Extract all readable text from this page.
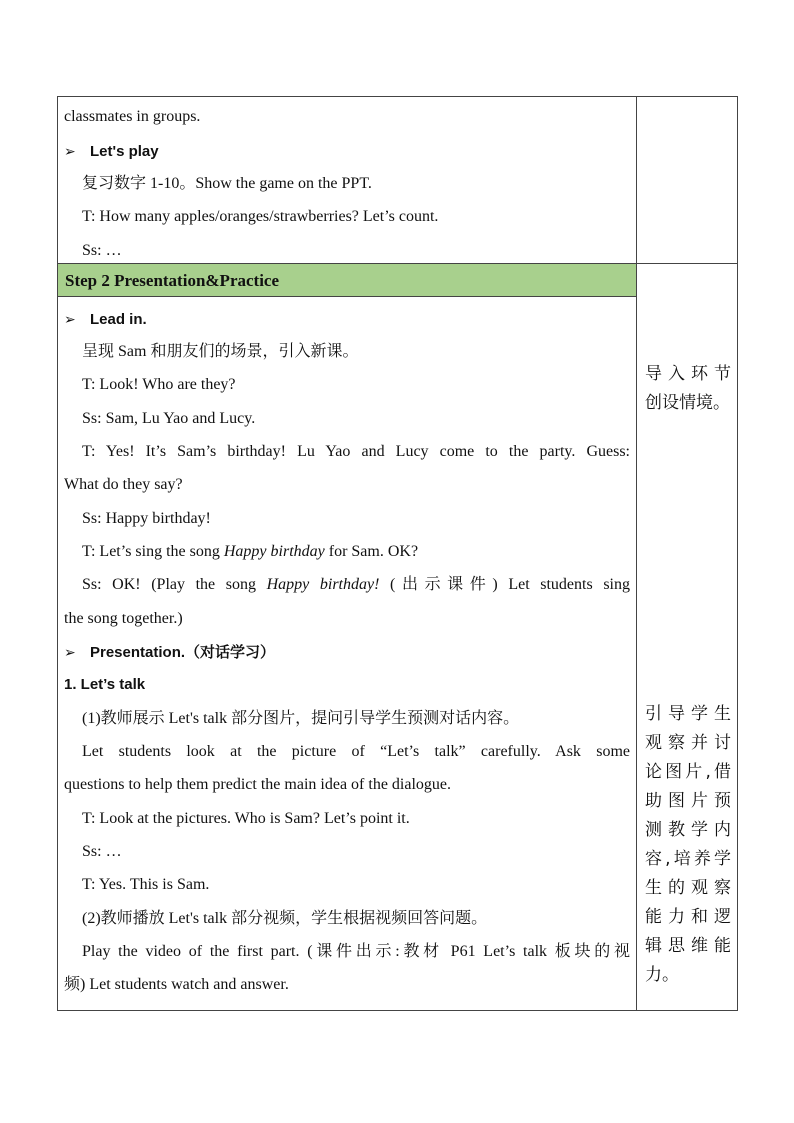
Step 2 Presentation&Practice
classmates in groups.
➢ Let's play
复习数字 1-10。Show the game on the PPT.
T: How many apples/oranges/strawberries? Let’s count.
Ss: …
➢ Lead in.
呈现 Sam 和朋友们的场景，引入新课。
T: Look! Who are they?
Ss: Sam, Lu Yao and Lucy.
T: Yes! It’s Sam’s birthday! Lu Yao and Lucy come to the party. Guess:
What do they say?
Ss: Happy birthday!
T: Let’s sing the song Happy birthday for Sam. OK?
Ss: OK! (Play the song Happy birthday! (出示课件) Let students sing
the song together.)
➢ Presentation.（对话学习）
1. Let’s talk
(1)教师展示 Let's talk 部分图片，提问引导学生预测对话内容。
Let students look at the picture of “Let’s talk” carefully. Ask some
questions to help them predict the main idea of the dialogue.
T: Look at the pictures. Who is Sam? Let’s point it.
Ss: …
T: Yes. This is Sam.
(2)教师播放 Let's talk 部分视频，学生根据视频回答问题。
Play the video of the first part. (课件出示:教材 P61 Let’s talk 板块的视
频) Let students watch and answer.
导入环节
创设情境。
引导学生
观察并讨
论图片,借
助图片预
测教学内
容,培养学
生的观察
能力和逻
辑思维能
力。
